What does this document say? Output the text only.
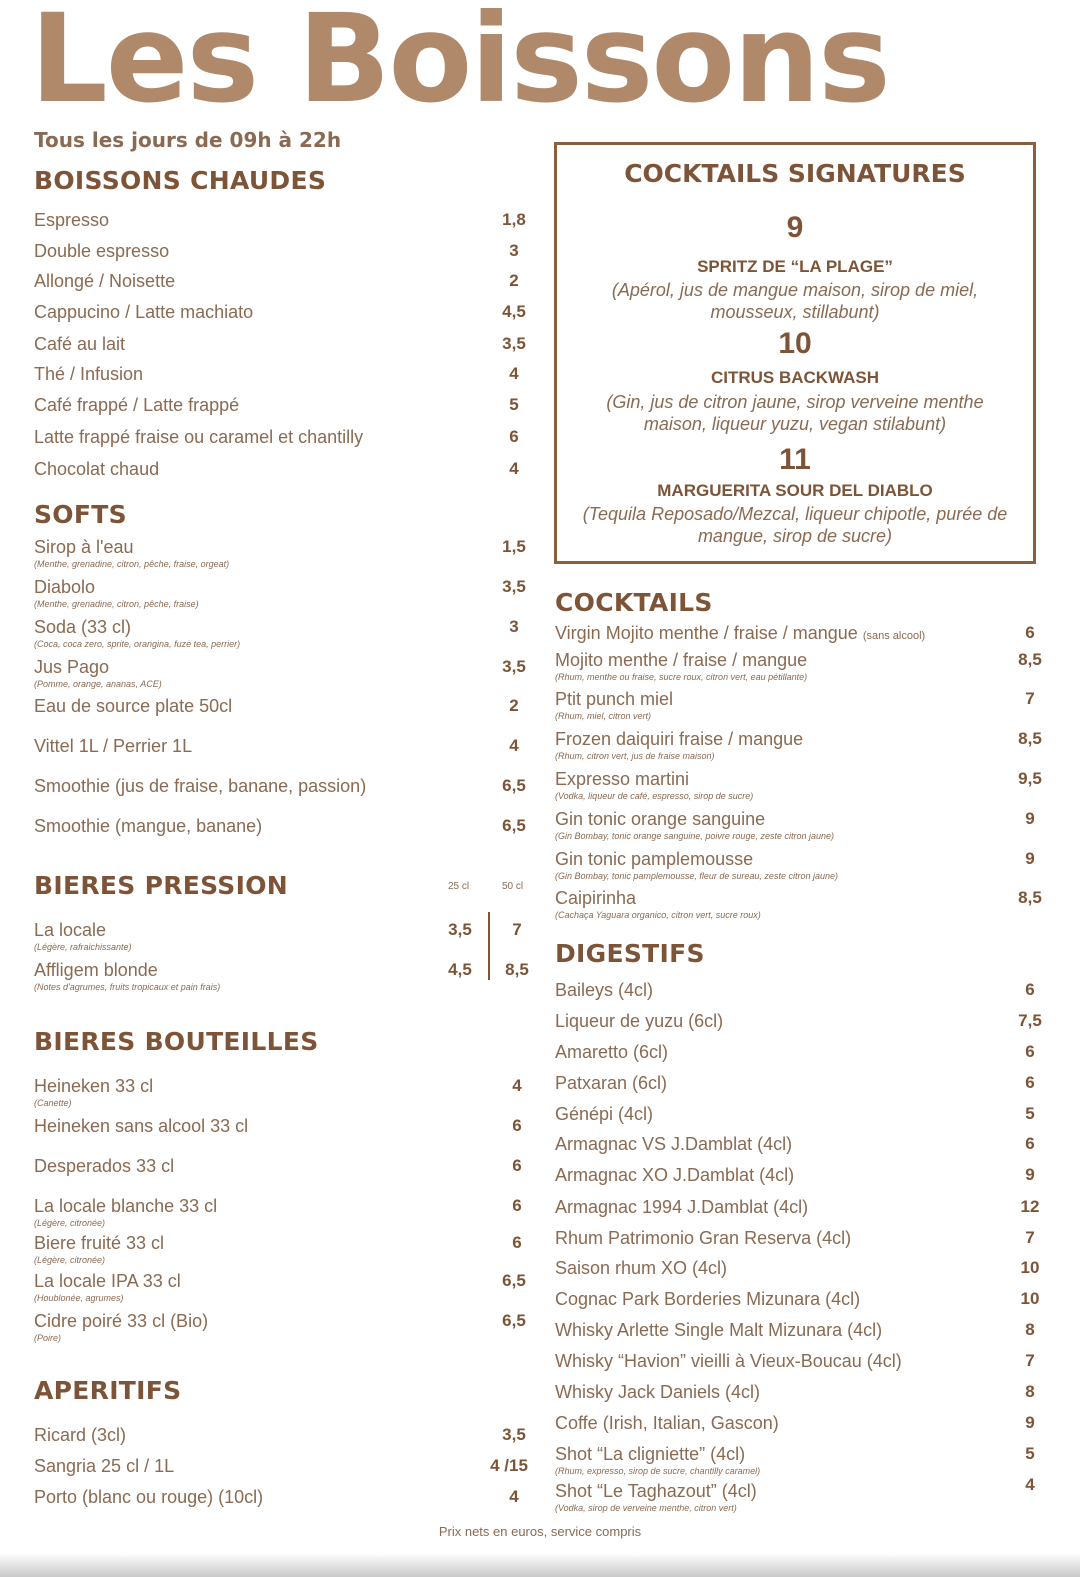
Les Boissons
Tous les jours de 09h à 22h
BOISSONS CHAUDES
Espresso	1,8
Double espresso	3
Allongé / Noisette	2
Cappucino / Latte machiato	4,5
Café au lait	3,5
Thé / Infusion	4
Café frappé / Latte frappé	5
Latte frappé fraise ou caramel et chantilly	6
Chocolat chaud	4
SOFTS
Sirop à l'eau
(Menthe, grenadine, citron, pêche, fraise, orgeat)
1,5
Diabolo
(Menthe, grenadine, citron, pêche, fraise)
3,5
Soda (33 cl)
(Coca, coca zero, sprite, orangina, fuze tea, perrier)
3
Jus Pago
(Pomme, orange, ananas, ACE)
3,5
Eau de source plate 50cl	2
Vittel 1L / Perrier 1L	4
Smoothie (jus de fraise, banane, passion)	6,5
Smoothie (mangue, banane)	6,5
BIERES PRESSION	25 cl	50 cl
La locale
(Légère, rafraichissante)
3,5	7
Affligem blonde
(Notes d'agrumes, fruits tropicaux et pain frais)
4,5	8,5
BIERES BOUTEILLES
Heineken 33 cl
(Canette)
4
Heineken sans alcool 33 cl	6
Desperados 33 cl	6
La locale blanche 33 cl
(Légère, citronée)
6
Biere fruité 33 cl
(Légère, citronée)
6
La locale IPA 33 cl
(Houblonée, agrumes)
6,5
Cidre poiré 33 cl (Bio)
(Poire)
6,5
APERITIFS
Ricard (3cl)	3,5
Sangria 25 cl / 1L	4 /15
Porto (blanc ou rouge) (10cl)	4
COCKTAILS SIGNATURES
9
SPRITZ DE “LA PLAGE”
(Apérol, jus de mangue maison, sirop de miel, mousseux, stillabunt)
10
CITRUS BACKWASH
(Gin, jus de citron jaune, sirop verveine menthe maison, liqueur yuzu, vegan stilabunt)
11
MARGUERITA SOUR DEL DIABLO
(Tequila Reposado/Mezcal, liqueur chipotle, purée de mangue, sirop de sucre)
COCKTAILS
Virgin Mojito menthe / fraise / mangue (sans alcool)	6
Mojito menthe / fraise / mangue
(Rhum, menthe ou fraise, sucre roux, citron vert, eau pétillante)
8,5
Ptit punch miel
(Rhum, miel, citron vert)
7
Frozen daiquiri fraise / mangue
(Rhum, citron vert, jus de fraise maison)
8,5
Expresso martini
(Vodka, liqueur de café, espresso, sirop de sucre)
9,5
Gin tonic orange sanguine
(Gin Bombay, tonic orange sanguine, poivre rouge, zeste citron jaune)
9
Gin tonic pamplemousse
(Gin Bombay, tonic pamplemousse, fleur de sureau, zeste citron jaune)
9
Caipirinha
(Cachaça Yaguara organico, citron vert, sucre roux)
8,5
DIGESTIFS
Baileys (4cl)	6
Liqueur de yuzu (6cl)	7,5
Amaretto (6cl)	6
Patxaran (6cl)	6
Génépi (4cl)	5
Armagnac VS J.Damblat (4cl)	6
Armagnac XO J.Damblat (4cl)	9
Armagnac 1994 J.Damblat (4cl)	12
Rhum Patrimonio Gran Reserva (4cl)	7
Saison rhum XO (4cl)	10
Cognac Park Borderies Mizunara (4cl)	10
Whisky Arlette Single Malt Mizunara (4cl)	8
Whisky “Havion” vieilli à Vieux-Boucau (4cl)	7
Whisky Jack Daniels (4cl)	8
Coffe (Irish, Italian, Gascon)	9
Shot “La cligniette” (4cl)
(Rhum, expresso, sirop de sucre, chantilly caramel)
5
Shot “Le Taghazout” (4cl)
(Vodka, sirop de verveine menthe, citron vert)
4
Prix nets en euros, service compris
